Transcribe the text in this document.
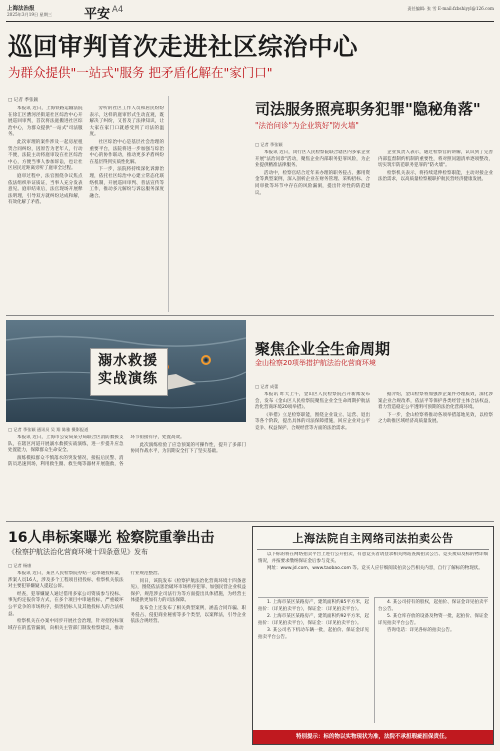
上海法治报
2025年3月19日 星期三 平安 A4	责任编辑: 张 雪 E-mail:fzbshiyyl@126.com
巡回审判首次走进社区综治中心
为群众提供"一站式"服务 把矛盾化解在"家门口"
□ 记者 季张颖

本报讯 近日，上海铁路运输法院在徐汇区漕河泾街道社区综治中心开展巡回审判，首次将法庭搬进社区综治中心，为群众提供"一站式"司法服务。

此次审理的案件涉及一起房屋租赁合同纠纷，因原告为老年人，行动不便，法院主动将庭审设在社区综治中心，方便当事人参加诉讼，也让社区居民近距离旁听了庭审全过程。

庭审过程中，法官围绕争议焦点依法组织举证质证，当事人充分发表意见。庭审结束后，法官现场开展释法明理，引导双方就纠纷达成和解，有效化解了矛盾。

旁听的社区工作人员和居民纷纷表示，这样的庭审形式生动直观，既解决了纠纷，又普及了法律知识，让大家在家门口就感受到了司法的温度。

社区综治中心是基层社会治理的重要平台，法院将进一步加强与综治中心的协作联动，推动更多矛盾纠纷在基层得到实质性化解。

下一步，法院将持续深化诉源治理，依托社区综治中心建立常态化联络机制，开展巡回审判、普法宣传等工作，推动多元解纷与诉讼服务深度融合。

司法服务照亮职务犯罪"隐秘角落"
"法治问诊"为企业筑好"防火墙"
□ 记者 季张颖

本报讯 近日，闵行区人民检察院联合辖区内多家企业开展"法治问诊"活动，聚焦企业内部职务犯罪风险，为企业提供精准法律服务。

活动中，检察官结合近年来办理的职务侵占、挪用资金等典型案例，深入剖析企业在财务管理、采购招标、合同审批等环节中存在的风险漏洞，提出针对性的防范建议。

企业负责人表示，通过检察官的讲解，认识到了完善内部监督制约机制的重要性，将对照问题清单逐项整改，切实筑牢防范职务犯罪的"防火墙"。

检察机关表示，将持续延伸检察职能，主动对接企业法治需求，以高质量检察履职护航民营经济健康发展。

溺水救援实战演练
□ 记者 季张颖 通讯员 吴 翔 陈雅 摄影报道

本报讯 近日，上海市公安局某分局联合区消防救援支队，在辖区河道开展溺水救援实战演练，进一步提升应急处置能力，保障群众生命安全。

演练模拟群众不慎落水的突发情况，接报后民警、消防员迅速到场，利用救生圈、救生绳等器材开展施救，各环节衔接有序，处置高效。

此次演练检验了应急预案的可操作性，提升了多部门协同作战水平，为汛期安全打下了坚实基础。

聚焦企业全生命周期
金山检察20项举措护航法治化营商环境
□ 记者 成蕾

本报讯 昨天上午，金山区人民检察院召开新闻发布会，发布《金山区人民检察院聚焦企业全生命周期护航法治化营商环境20项举措》。

《举措》立足检察职能，围绕企业设立、运营、退出等各个阶段，提出具体的司法保障措施，回应企业对公平竞争、权益保护、合规经营等方面的法治需求。

据介绍，金山检察将加强涉企案件办理质效，深化涉案企业合规改革，依法平等保护各类经营主体合法权益，着力营造稳定公平透明可预期的法治化营商环境。

下一步，金山检察将推动各项举措落地见效，以检察之力助推区域经济高质量发展。

16人串标案曝光 检察院重拳出击
《检察护航法治化营商环境十四条意见》发布
□ 记者 杨康

本报讯 近日，某区人民检察院办结一起串通投标案，涉案人员16人，涉及多个工程项目招投标，检察机关依法对主要犯罪嫌疑人提起公诉。

经查，犯罪嫌疑人通过借用多家公司资质参与投标、事先约定报价等方式，在多个项目中串通投标，严重破坏公平竞争的市场秩序，损害招标人及其他投标人的合法权益。

检察机关在办案中同步开展社会治理，针对招投标领域存在的监管漏洞，向相关主管部门制发检察建议，推动行业规范整治。

同日，该院发布《检察护航法治化营商环境十四条意见》，围绕依法惩治破坏市场秩序犯罪、加强民营企业权益保护、规范涉企司法行为等方面提出具体措施，为经营主体提供更加有力的司法保障。

发布会上还发布了相关典型案例，涵盖合同诈骗、职务侵占、侵犯商业秘密等多个类型，以案释法，引导企业依法合规经营。

上海法院自主网络司法拍卖公告

以下标的将在网络拍卖平台上进行公开拍卖，有意竞买者请登录相关网站查阅拍卖公告、竞买须知及标的物详细情况，并按要求缴纳保证金后参与竞买。

网址：www.jd.com、www.taobao.com 等。竞买人应仔细阅读拍卖公告相关内容，自行了解标的物现状。

1. 上海市某区某路房产，建筑面积约85平方米，起拍价：（详见拍卖平台），保证金：（详见拍卖平台）。

2. 上海市某区某路房产，建筑面积约92平方米，起拍价：（详见拍卖平台），保证金：（详见拍卖平台）。

3. 某公司名下机动车辆一批，起拍价、保证金详见拍卖平台公告。

4. 某公司持有的股权，起拍价、保证金详见拍卖平台公告。

5. 某仓库存放的设备及物资一批，起拍价、保证金详见拍卖平台公告。

咨询电话：详见各标的拍卖公告。

特别提示：标的物以实物现状为准，法院不承担瑕疵担保责任。
